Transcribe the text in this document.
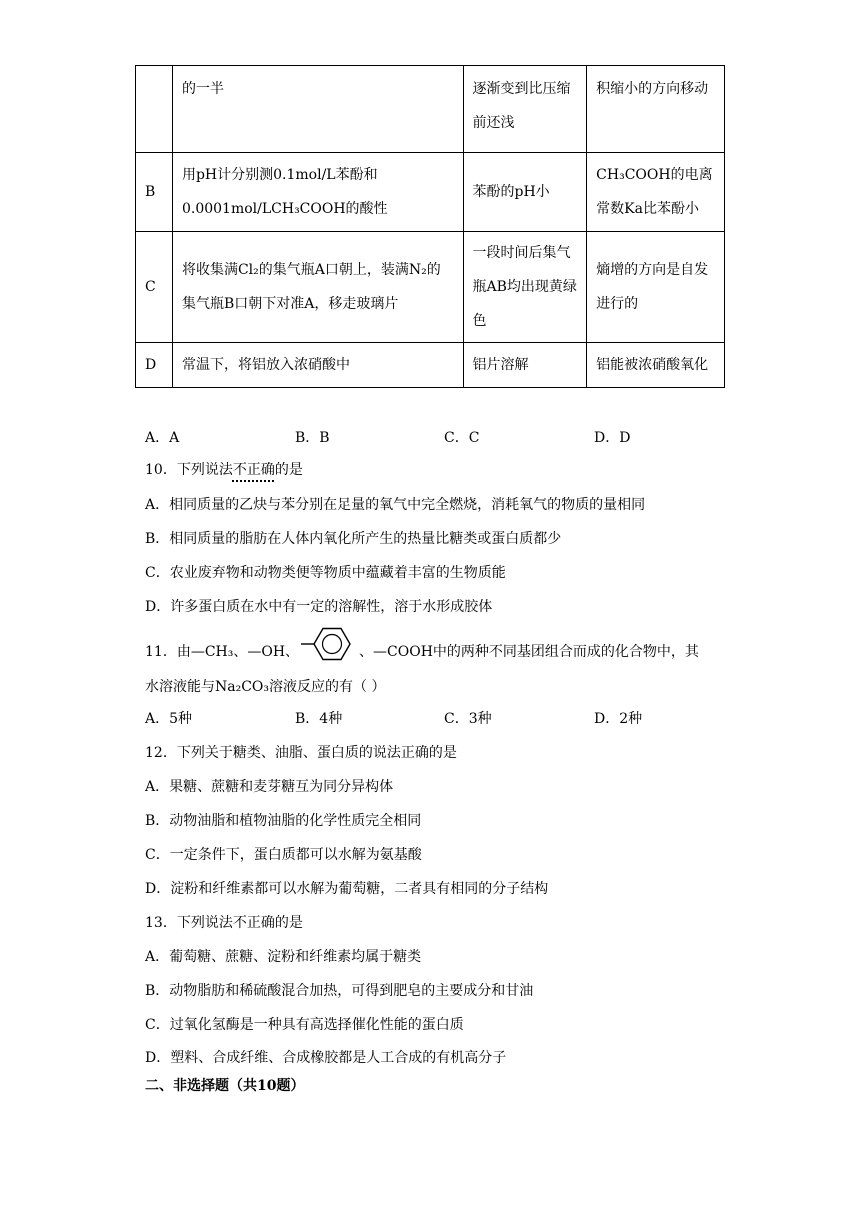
	的一半	逐渐变到比压缩前还浅	积缩小的方向移动
B	用pH计分别测0.1mol/L苯酚和0.0001mol/LCH₃COOH的酸性	苯酚的pH小	CH₃COOH的电离常数Ka比苯酚小
C	将收集满Cl₂的集气瓶A口朝上，装满N₂的集气瓶B口朝下对准A，移走玻璃片	一段时间后集气瓶AB均出现黄绿色	熵增的方向是自发进行的
D	常温下，将铝放入浓硝酸中	铝片溶解	铝能被浓硝酸氧化
A．A	B．B	C．C	D．D
10．下列说法不正确的是
A．相同质量的乙炔与苯分别在足量的氧气中完全燃烧，消耗氧气的物质的量相同
B．相同质量的脂肪在人体内氧化所产生的热量比糖类或蛋白质都少
C．农业废弃物和动物类便等物质中蕴藏着丰富的生物质能
D．许多蛋白质在水中有一定的溶解性，溶于水形成胶体
11．由—CH₃、—OH、	、—COOH中的两种不同基团组合而成的化合物中，其
水溶液能与Na₂CO₃溶液反应的有（ ）
A．5种	B．4种	C．3种	D．2种
12．下列关于糖类、油脂、蛋白质的说法正确的是
A．果糖、蔗糖和麦芽糖互为同分异构体
B．动物油脂和植物油脂的化学性质完全相同
C．一定条件下，蛋白质都可以水解为氨基酸
D．淀粉和纤维素都可以水解为葡萄糖，二者具有相同的分子结构
13．下列说法不正确的是
A．葡萄糖、蔗糖、淀粉和纤维素均属于糖类
B．动物脂肪和稀硫酸混合加热，可得到肥皂的主要成分和甘油
C．过氧化氢酶是一种具有高选择催化性能的蛋白质
D．塑料、合成纤维、合成橡胶都是人工合成的有机高分子
二、非选择题（共10题）
